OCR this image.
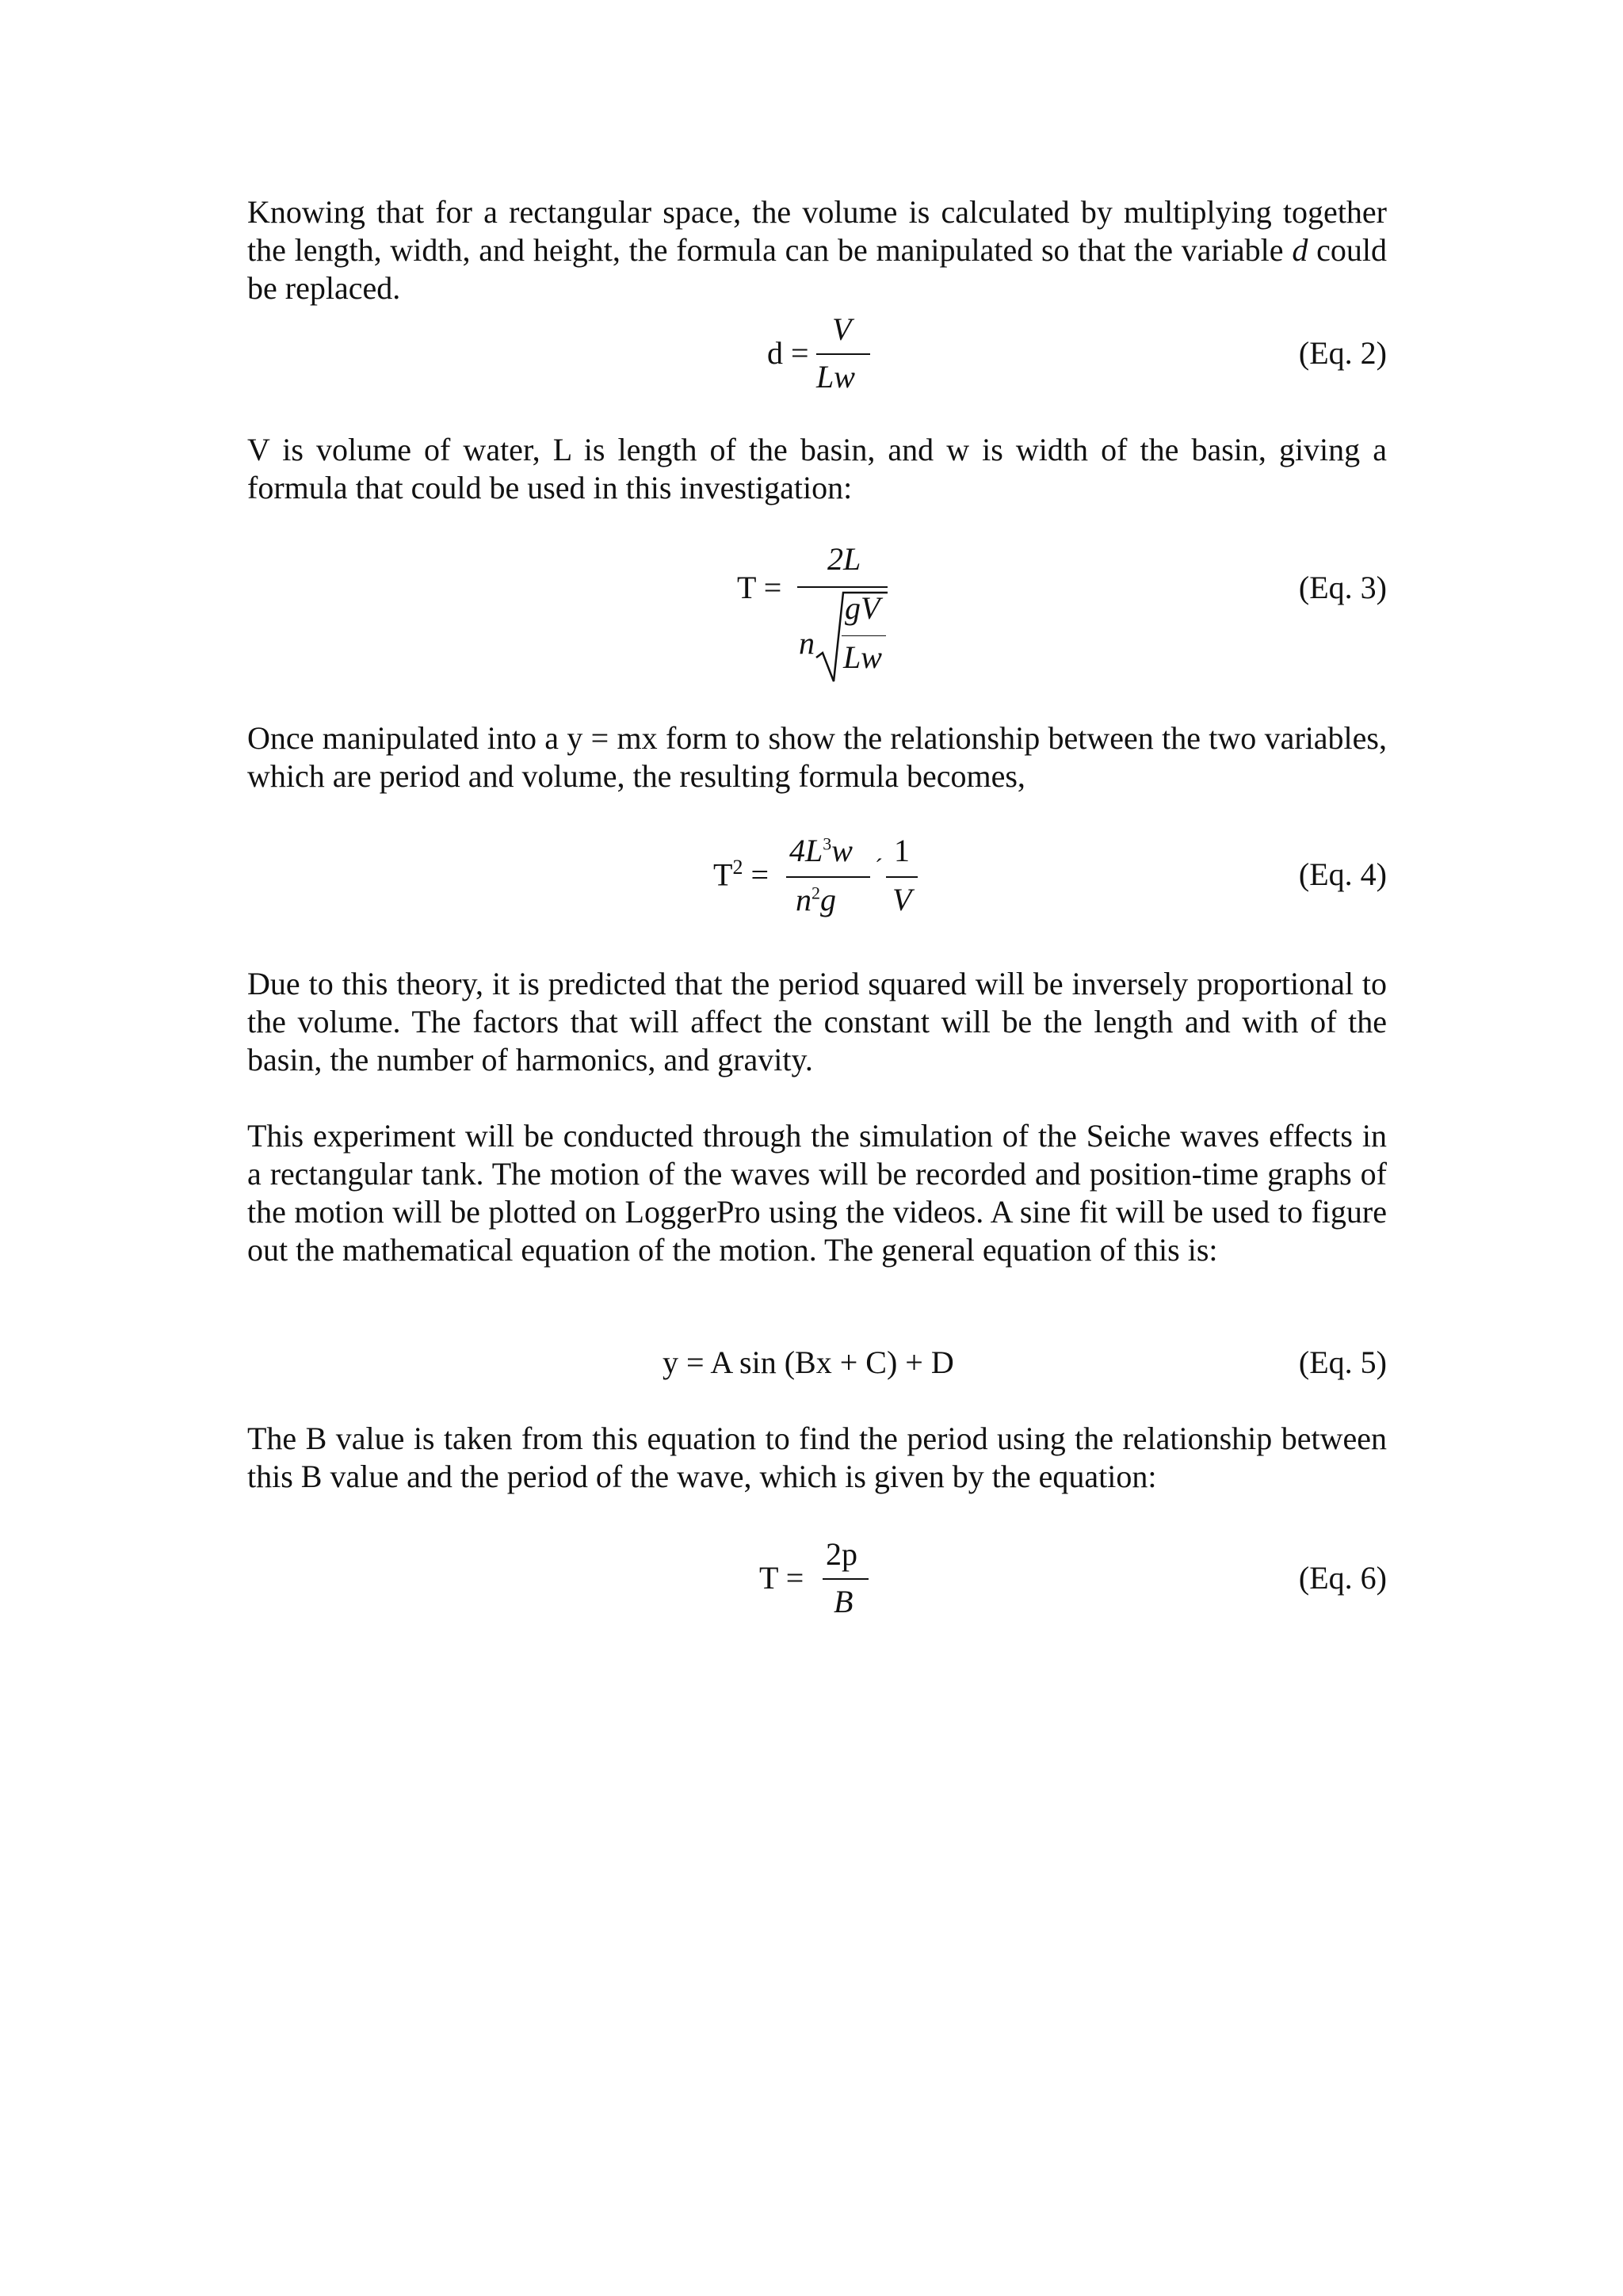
Knowing that for a rectangular space, the volume is calculated by multiplying together the length, width, and height, the formula can be manipulated so that the variable d could be replaced.

d =
V
Lw
(Eq. 2)

V is volume of water, L is length of the basin, and w is width of the basin, giving a formula that could be used in this investigation:

T =
2L
n
gV
Lw
(Eq. 3)

Once manipulated into a y = mx form to show the relationship between the two variables, which are period and volume, the resulting formula becomes,

$T^2$ =
$4L^3w$
$n^2g$
´ 1
V
(Eq. 4)

Due to this theory, it is predicted that the period squared will be inversely proportional to the volume. The factors that will affect the constant will be the length and with of the basin, the number of harmonics, and gravity.

This experiment will be conducted through the simulation of the Seiche waves effects in a rectangular tank. The motion of the waves will be recorded and position-time graphs of the motion will be plotted on LoggerPro using the videos. A sine fit will be used to figure out the mathematical equation of the motion. The general equation of this is:

y = A sin (Bx + C) + D	(Eq. 5)

The B value is taken from this equation to find the period using the relationship between this B value and the period of the wave, which is given by the equation:

T =
2p
B
(Eq. 6)
